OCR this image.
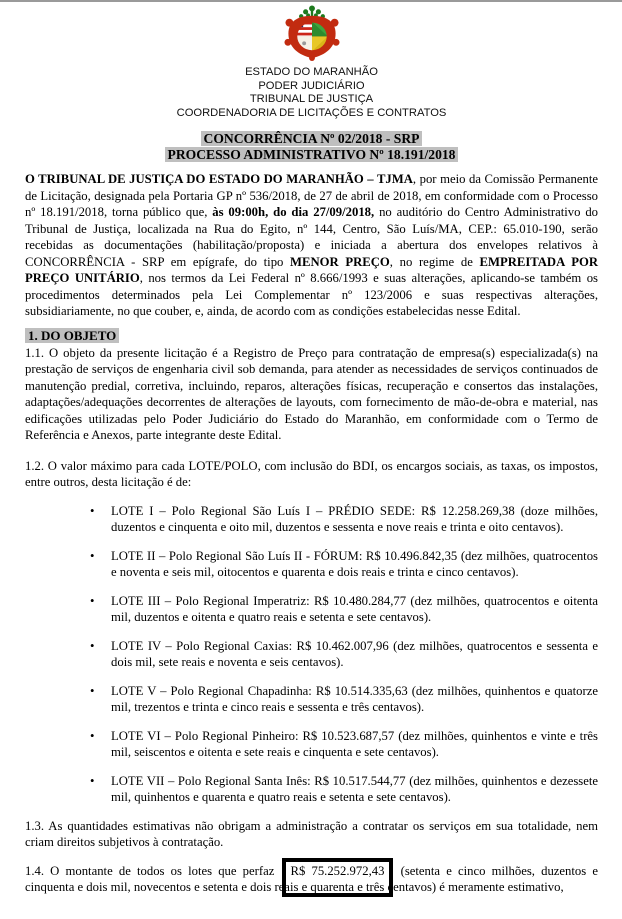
ESTADO DO MARANHÃO
PODER JUDICIÁRIO
TRIBUNAL DE JUSTIÇA
COORDENADORIA DE LICITAÇÕES E CONTRATOS
CONCORRÊNCIA Nº 02/2018 - SRP
PROCESSO ADMINISTRATIVO Nº 18.191/2018

O TRIBUNAL DE JUSTIÇA DO ESTADO DO MARANHÃO – TJMA, por meio da Comissão Permanente de Licitação, designada pela Portaria GP nº 536/2018, de 27 de abril de 2018, em conformidade com o Processo nº 18.191/2018, torna público que, às 09:00h, do dia 27/09/2018, no auditório do Centro Administrativo do Tribunal de Justiça, localizada na Rua do Egito, nº 144, Centro, São Luís/MA, CEP.: 65.010-190, serão recebidas as documentações (habilitação/proposta) e iniciada a abertura dos envelopes relativos à CONCORRÊNCIA - SRP em epígrafe, do tipo MENOR PREÇO, no regime de EMPREITADA POR PREÇO UNITÁRIO, nos termos da Lei Federal nº 8.666/1993 e suas alterações, aplicando-se também os procedimentos determinados pela Lei Complementar nº 123/2006 e suas respectivas alterações, subsidiariamente, no que couber, e, ainda, de acordo com as condições estabelecidas nesse Edital.

1. DO OBJETO

1.1. O objeto da presente licitação é a Registro de Preço para contratação de empresa(s) especializada(s) na prestação de serviços de engenharia civil sob demanda, para atender as necessidades de serviços continuados de manutenção predial, corretiva, incluindo, reparos, alterações físicas, recuperação e consertos das instalações, adaptações/adequações decorrentes de alterações de layouts, com fornecimento de mão-de-obra e material, nas edificações utilizadas pelo Poder Judiciário do Estado do Maranhão, em conformidade com o Termo de Referência e Anexos, parte integrante deste Edital.

1.2. O valor máximo para cada LOTE/POLO, com inclusão do BDI, os encargos sociais, as taxas, os impostos, entre outros, desta licitação é de:

• LOTE I – Polo Regional São Luís I – PRÉDIO SEDE: R$ 12.258.269,38 (doze milhões, duzentos e cinquenta e oito mil, duzentos e sessenta e nove reais e trinta e oito centavos).
• LOTE II – Polo Regional São Luís II - FÓRUM: R$ 10.496.842,35 (dez milhões, quatrocentos e noventa e seis mil, oitocentos e quarenta e dois reais e trinta e cinco centavos).
• LOTE III – Polo Regional Imperatriz: R$ 10.480.284,77 (dez milhões, quatrocentos e oitenta mil, duzentos e oitenta e quatro reais e setenta e sete centavos).
• LOTE IV – Polo Regional Caxias: R$ 10.462.007,96 (dez milhões, quatrocentos e sessenta e dois mil, sete reais e noventa e seis centavos).
• LOTE V – Polo Regional Chapadinha: R$ 10.514.335,63 (dez milhões, quinhentos e quatorze mil, trezentos e trinta e cinco reais e sessenta e três centavos).
• LOTE VI – Polo Regional Pinheiro: R$ 10.523.687,57 (dez milhões, quinhentos e vinte e três mil, seiscentos e oitenta e sete reais e cinquenta e sete centavos).
• LOTE VII – Polo Regional Santa Inês: R$ 10.517.544,77 (dez milhões, quinhentos e dezessete mil, quinhentos e quarenta e quatro reais e setenta e sete centavos).

1.3. As quantidades estimativas não obrigam a administração a contratar os serviços em sua totalidade, nem criam direitos subjetivos à contratação.

1.4. O montante de todos os lotes que perfaz R$ 75.252.972,43 (setenta e cinco milhões, duzentos e cinquenta e dois mil, novecentos e setenta e dois reais e quarenta e três centavos) é meramente estimativo,
